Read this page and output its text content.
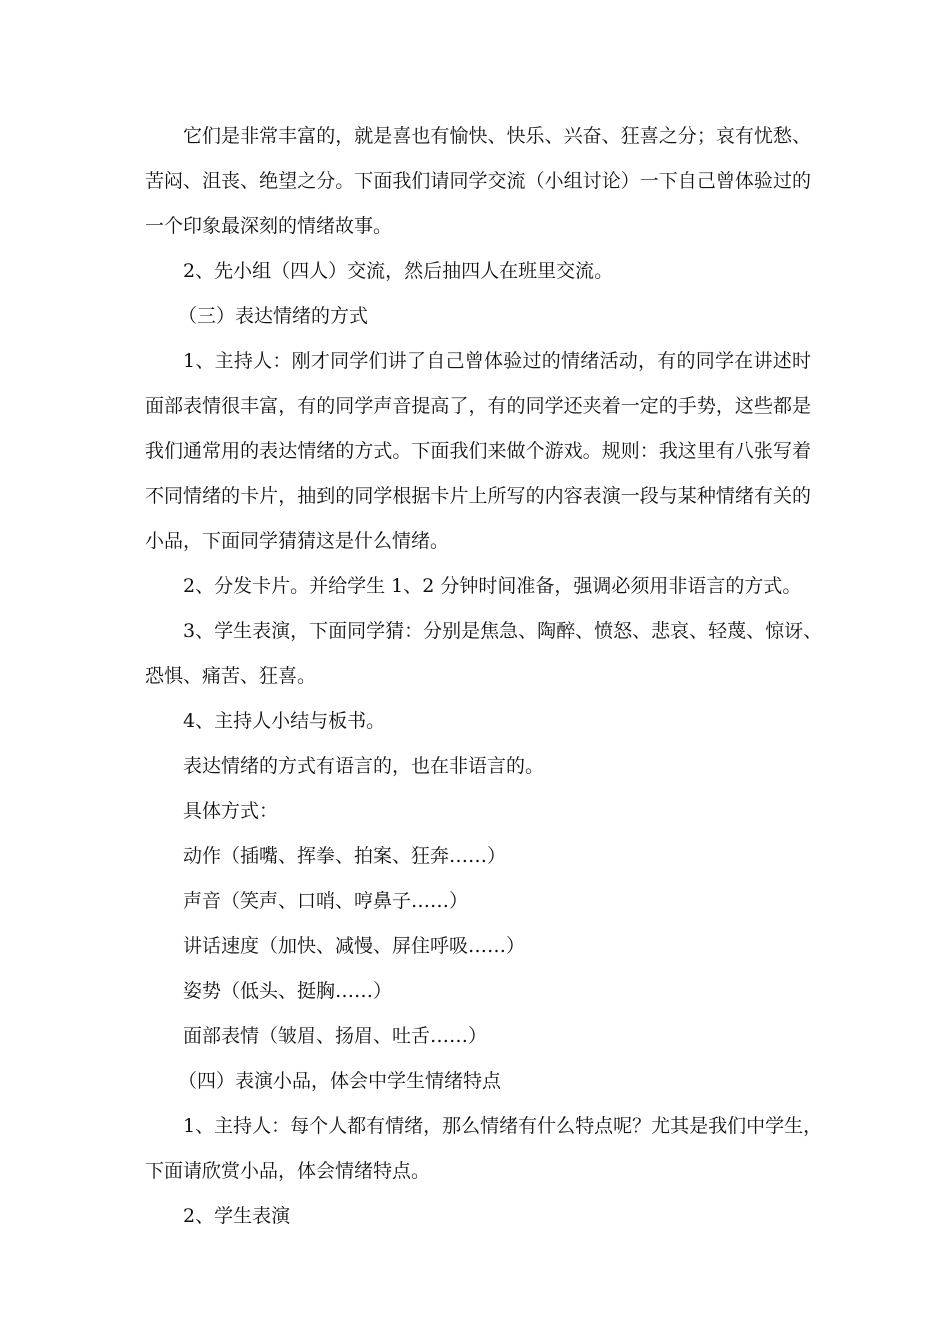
它们是非常丰富的，就是喜也有愉快、快乐、兴奋、狂喜之分；哀有忧愁、
苦闷、沮丧、绝望之分。下面我们请同学交流（小组讨论）一下自己曾体验过的
一个印象最深刻的情绪故事。
2、先小组（四人）交流，然后抽四人在班里交流。
（三）表达情绪的方式
1、主持人：刚才同学们讲了自己曾体验过的情绪活动，有的同学在讲述时
面部表情很丰富，有的同学声音提高了，有的同学还夹着一定的手势，这些都是
我们通常用的表达情绪的方式。下面我们来做个游戏。规则：我这里有八张写着
不同情绪的卡片，抽到的同学根据卡片上所写的内容表演一段与某种情绪有关的
小品，下面同学猜猜这是什么情绪。
2、分发卡片。并给学生 1、2 分钟时间准备，强调必须用非语言的方式。
3、学生表演，下面同学猜：分别是焦急、陶醉、愤怒、悲哀、轻蔑、惊讶、
恐惧、痛苦、狂喜。
4、主持人小结与板书。
表达情绪的方式有语言的，也在非语言的。
具体方式：
动作（插嘴、挥拳、拍案、狂奔……）
声音（笑声、口哨、哼鼻子……）
讲话速度（加快、减慢、屏住呼吸……）
姿势（低头、挺胸……）
面部表情（皱眉、扬眉、吐舌……）
（四）表演小品，体会中学生情绪特点
1、主持人：每个人都有情绪，那么情绪有什么特点呢？尤其是我们中学生，
下面请欣赏小品，体会情绪特点。
2、学生表演
